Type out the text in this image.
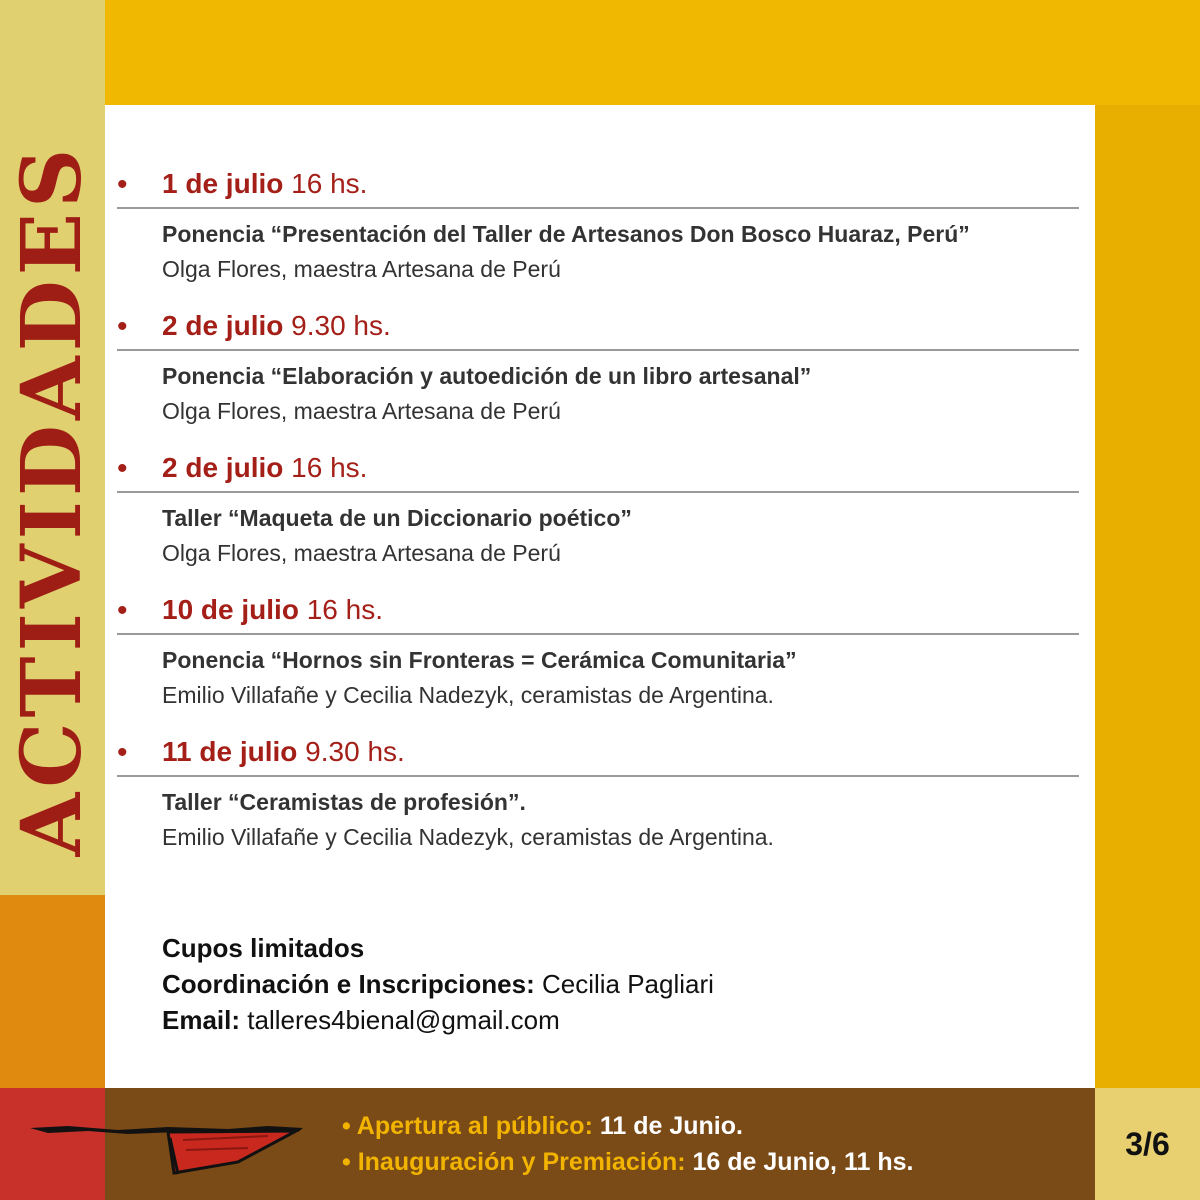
ACTIVIDADES • 1 de julio 16 hs.
Ponencia “Presentación del Taller de Artesanos Don Bosco Huaraz, Perú”
Olga Flores, maestra Artesana de Perú
• 2 de julio 9.30 hs.
Ponencia “Elaboración y autoedición de un libro artesanal”
Olga Flores, maestra Artesana de Perú
• 2 de julio 16 hs.
Taller “Maqueta de un Diccionario poético”
Olga Flores, maestra Artesana de Perú
• 10 de julio 16 hs.
Ponencia “Hornos sin Fronteras = Cerámica Comunitaria”
Emilio Villafañe y Cecilia Nadezyk, ceramistas de Argentina.
• 11 de julio 9.30 hs.
Taller “Ceramistas de profesión”.
Emilio Villafañe y Cecilia Nadezyk, ceramistas de Argentina.
Cupos limitados
Coordinación e Inscripciones: Cecilia Pagliari
Email: talleres4bienal@gmail.com
• Apertura al público: 11 de Junio.
• Inauguración y Premiación: 16 de Junio, 11 hs.
3/6
